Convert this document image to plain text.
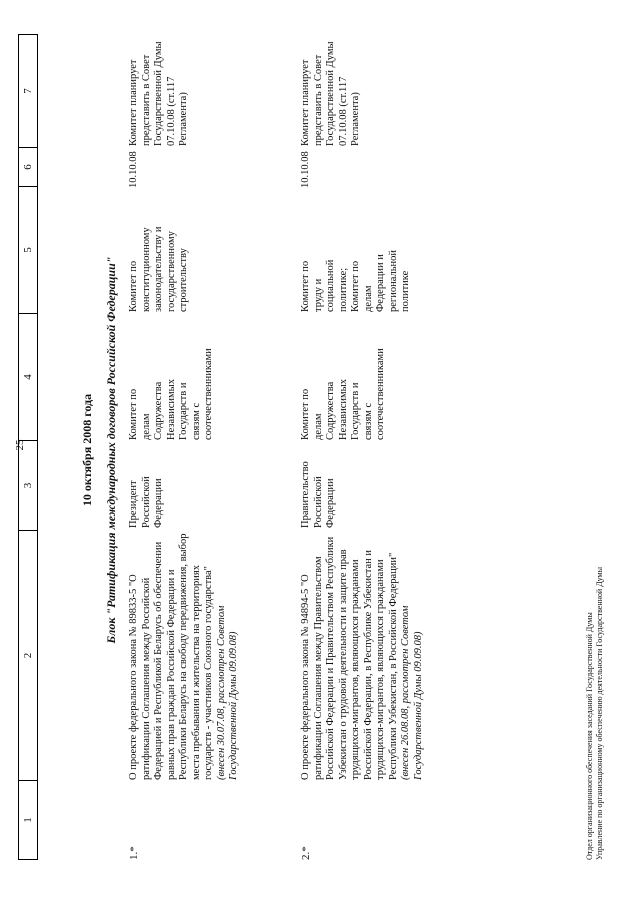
25
1
2
3
4
5
6
7
10 октября 2008 года Блок "Ратификация международных договоров Российской Федерации"
1.*
О проекте федерального закона № 89833-5 "О ратификации Соглашения между Российской Федерацией и Республикой Беларусь об обеспечении равных прав граждан Российской Федерации и Республики Беларусь на свободу передвижения, выбор места пребывания и жительства на территориях государств - участников Союзного государства" (внесен 30.07.08, рассмотрен Советом Государственной Думы 09.09.08)
Президент Российской Федерации
Комитет по делам Содружества Независимых Государств и связям с соотечественниками
Комитет по конституционному законодательству и государственному строительству
10.10.08
Комитет планирует представить в Совет Государственной Думы 07.10.08 (ст.117 Регламента)
2.*
О проекте федерального закона № 94894-5 "О ратификации Соглашения между Правительством Российской Федерации и Правительством Республики Узбекистан о трудовой деятельности и защите прав трудящихся-мигрантов, являющихся гражданами Российской Федерации, в Республике Узбекистан и трудящихся-мигрантов, являющихся гражданами Республики Узбекистан, в Российской Федерации" (внесен 26.08.08, рассмотрен Советом Государственной Думы 09.09.08)
Правительство Российской Федерации
Комитет по делам Содружества Независимых Государств и связям с соотечественниками
Комитет по труду и социальной политике; Комитет по делам Федерации и региональной политике
10.10.08
Комитет планирует представить в Совет Государственной Думы 07.10.08 (ст.117 Регламента)
Отдел организационного обеспечения заседаний Государственной Думы Управление по организационному обеспечению деятельности Государственной Думы
